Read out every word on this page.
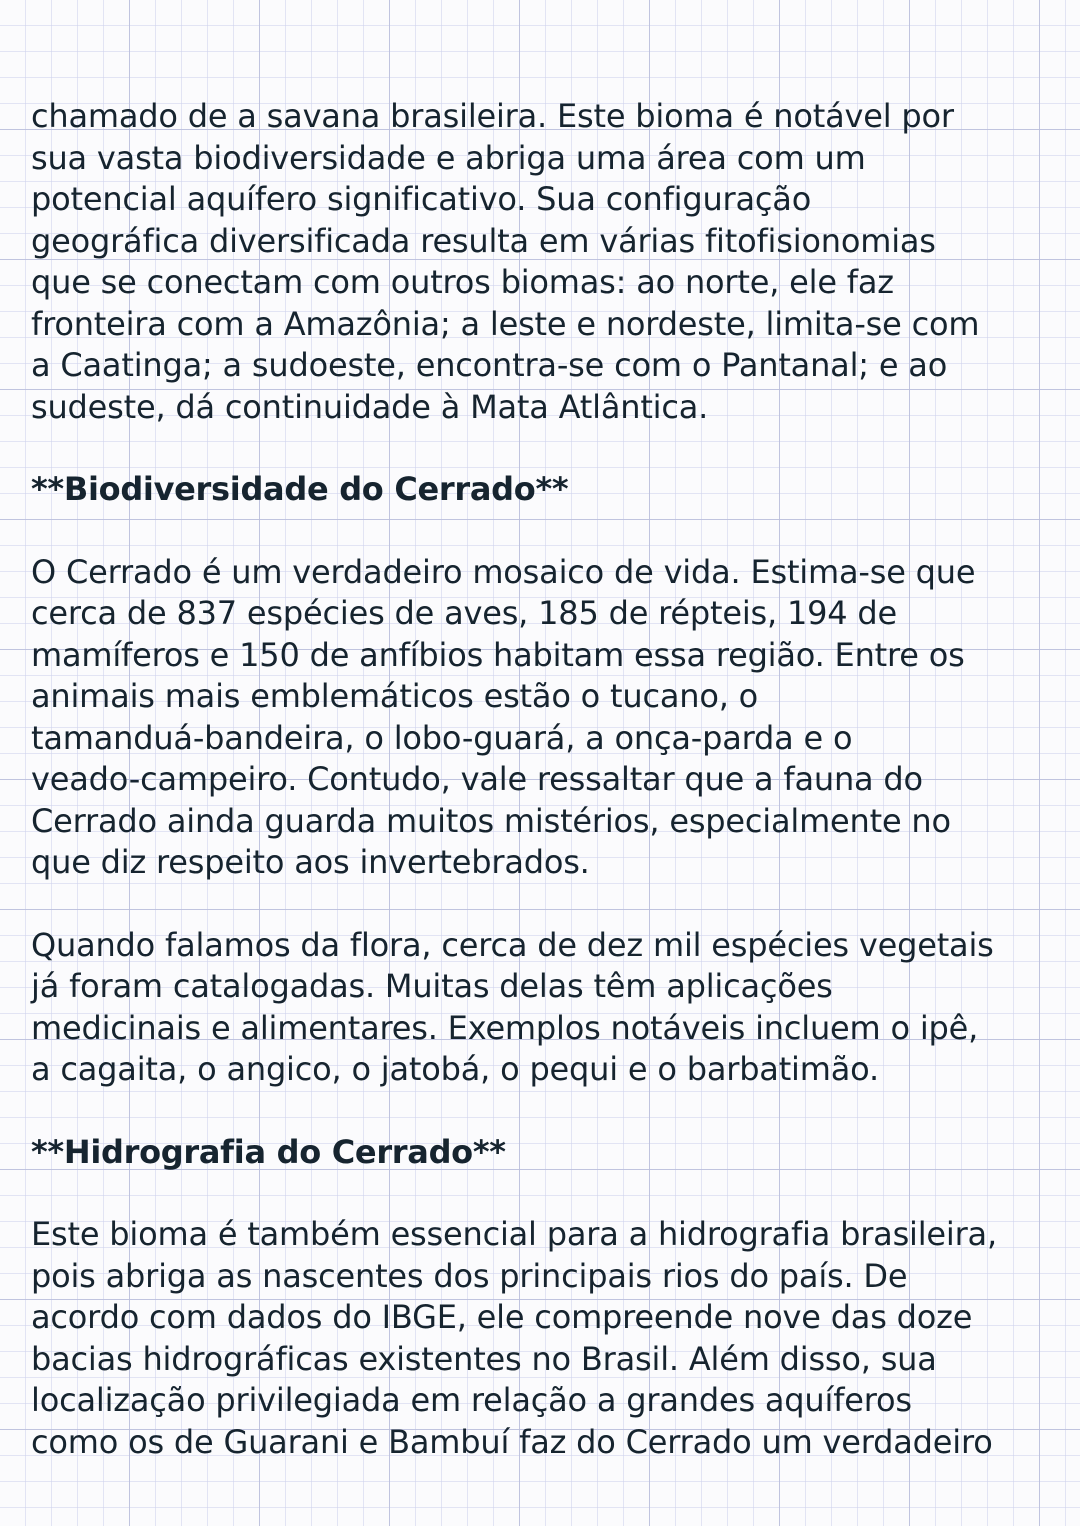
chamado de a savana brasileira. Este bioma é notável por
sua vasta biodiversidade e abriga uma área com um
potencial aquífero significativo. Sua configuração
geográfica diversificada resulta em várias fitofisionomias
que se conectam com outros biomas: ao norte, ele faz
fronteira com a Amazônia; a leste e nordeste, limita-se com
a Caatinga; a sudoeste, encontra-se com o Pantanal; e ao
sudeste, dá continuidade à Mata Atlântica.
**Biodiversidade do Cerrado**
O Cerrado é um verdadeiro mosaico de vida. Estima-se que
cerca de 837 espécies de aves, 185 de répteis, 194 de
mamíferos e 150 de anfíbios habitam essa região. Entre os
animais mais emblemáticos estão o tucano, o
tamanduá-bandeira, o lobo-guará, a onça-parda e o
veado-campeiro. Contudo, vale ressaltar que a fauna do
Cerrado ainda guarda muitos mistérios, especialmente no
que diz respeito aos invertebrados.
Quando falamos da flora, cerca de dez mil espécies vegetais
já foram catalogadas. Muitas delas têm aplicações
medicinais e alimentares. Exemplos notáveis incluem o ipê,
a cagaita, o angico, o jatobá, o pequi e o barbatimão.
**Hidrografia do Cerrado**
Este bioma é também essencial para a hidrografia brasileira,
pois abriga as nascentes dos principais rios do país. De
acordo com dados do IBGE, ele compreende nove das doze
bacias hidrográficas existentes no Brasil. Além disso, sua
localização privilegiada em relação a grandes aquíferos
como os de Guarani e Bambuí faz do Cerrado um verdadeiro
